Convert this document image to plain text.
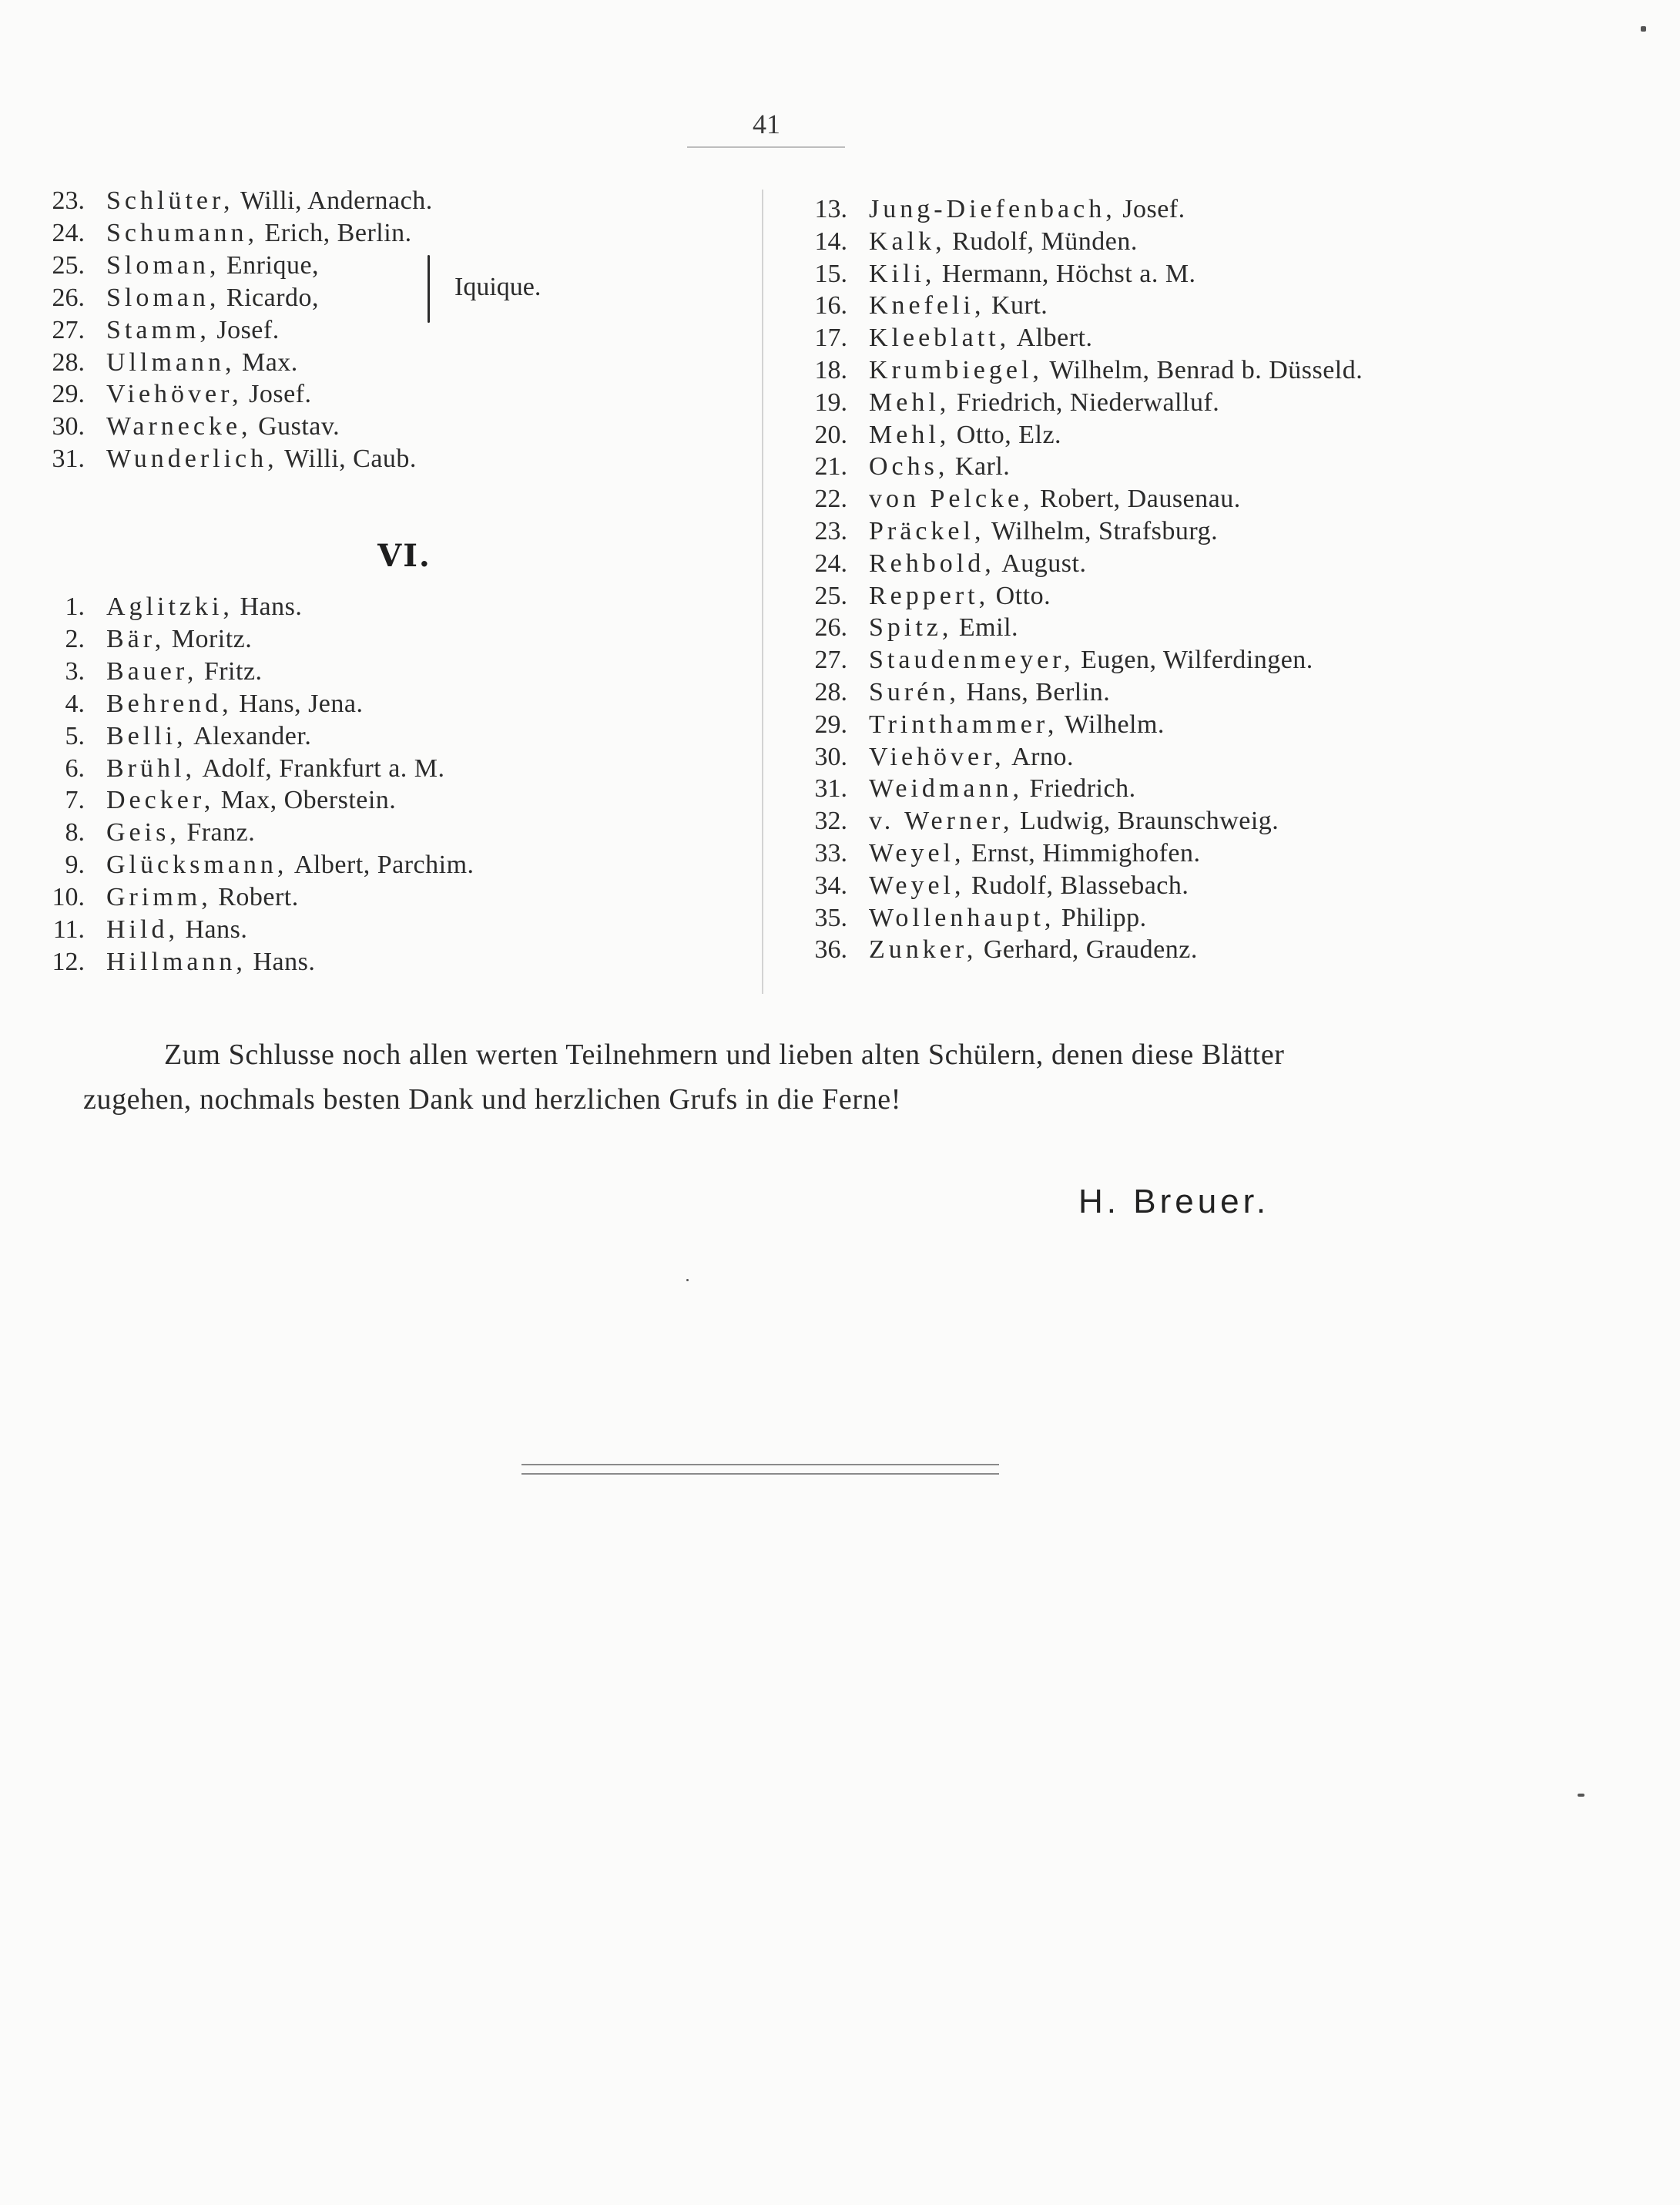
41
23. Schlüter, Willi, Andernach.
24. Schumann, Erich, Berlin.
25. Sloman, Enrique,
26. Sloman, Ricardo,
27. Stamm, Josef.
28. Ullmann, Max.
29. Viehöver, Josef.
30. Warnecke, Gustav.
31. Wunderlich, Willi, Caub.
Iquique.
VI.
1. Aglitzki, Hans.
2. Bär, Moritz.
3. Bauer, Fritz.
4. Behrend, Hans, Jena.
5. Belli, Alexander.
6. Brühl, Adolf, Frankfurt a. M.
7. Decker, Max, Oberstein.
8. Geis, Franz.
9. Glücksmann, Albert, Parchim.
10. Grimm, Robert.
11. Hild, Hans.
12. Hillmann, Hans.
13. Jung-Diefenbach, Josef.
14. Kalk, Rudolf, Münden.
15. Kili, Hermann, Höchst a. M.
16. Knefeli, Kurt.
17. Kleeblatt, Albert.
18. Krumbiegel, Wilhelm, Benrad b. Düsseld.
19. Mehl, Friedrich, Niederwalluf.
20. Mehl, Otto, Elz.
21. Ochs, Karl.
22. von Pelcke, Robert, Dausenau.
23. Präckel, Wilhelm, Strafsburg.
24. Rehbold, August.
25. Reppert, Otto.
26. Spitz, Emil.
27. Staudenmeyer, Eugen, Wilferdingen.
28. Surén, Hans, Berlin.
29. Trinthammer, Wilhelm.
30. Viehöver, Arno.
31. Weidmann, Friedrich.
32. v. Werner, Ludwig, Braunschweig.
33. Weyel, Ernst, Himmighofen.
34. Weyel, Rudolf, Blassebach.
35. Wollenhaupt, Philipp.
36. Zunker, Gerhard, Graudenz.

Zum Schlusse noch allen werten Teilnehmern und lieben alten Schülern, denen diese Blätter

zugehen, nochmals besten Dank und herzlichen Grufs in die Ferne!

H. Breuer.
